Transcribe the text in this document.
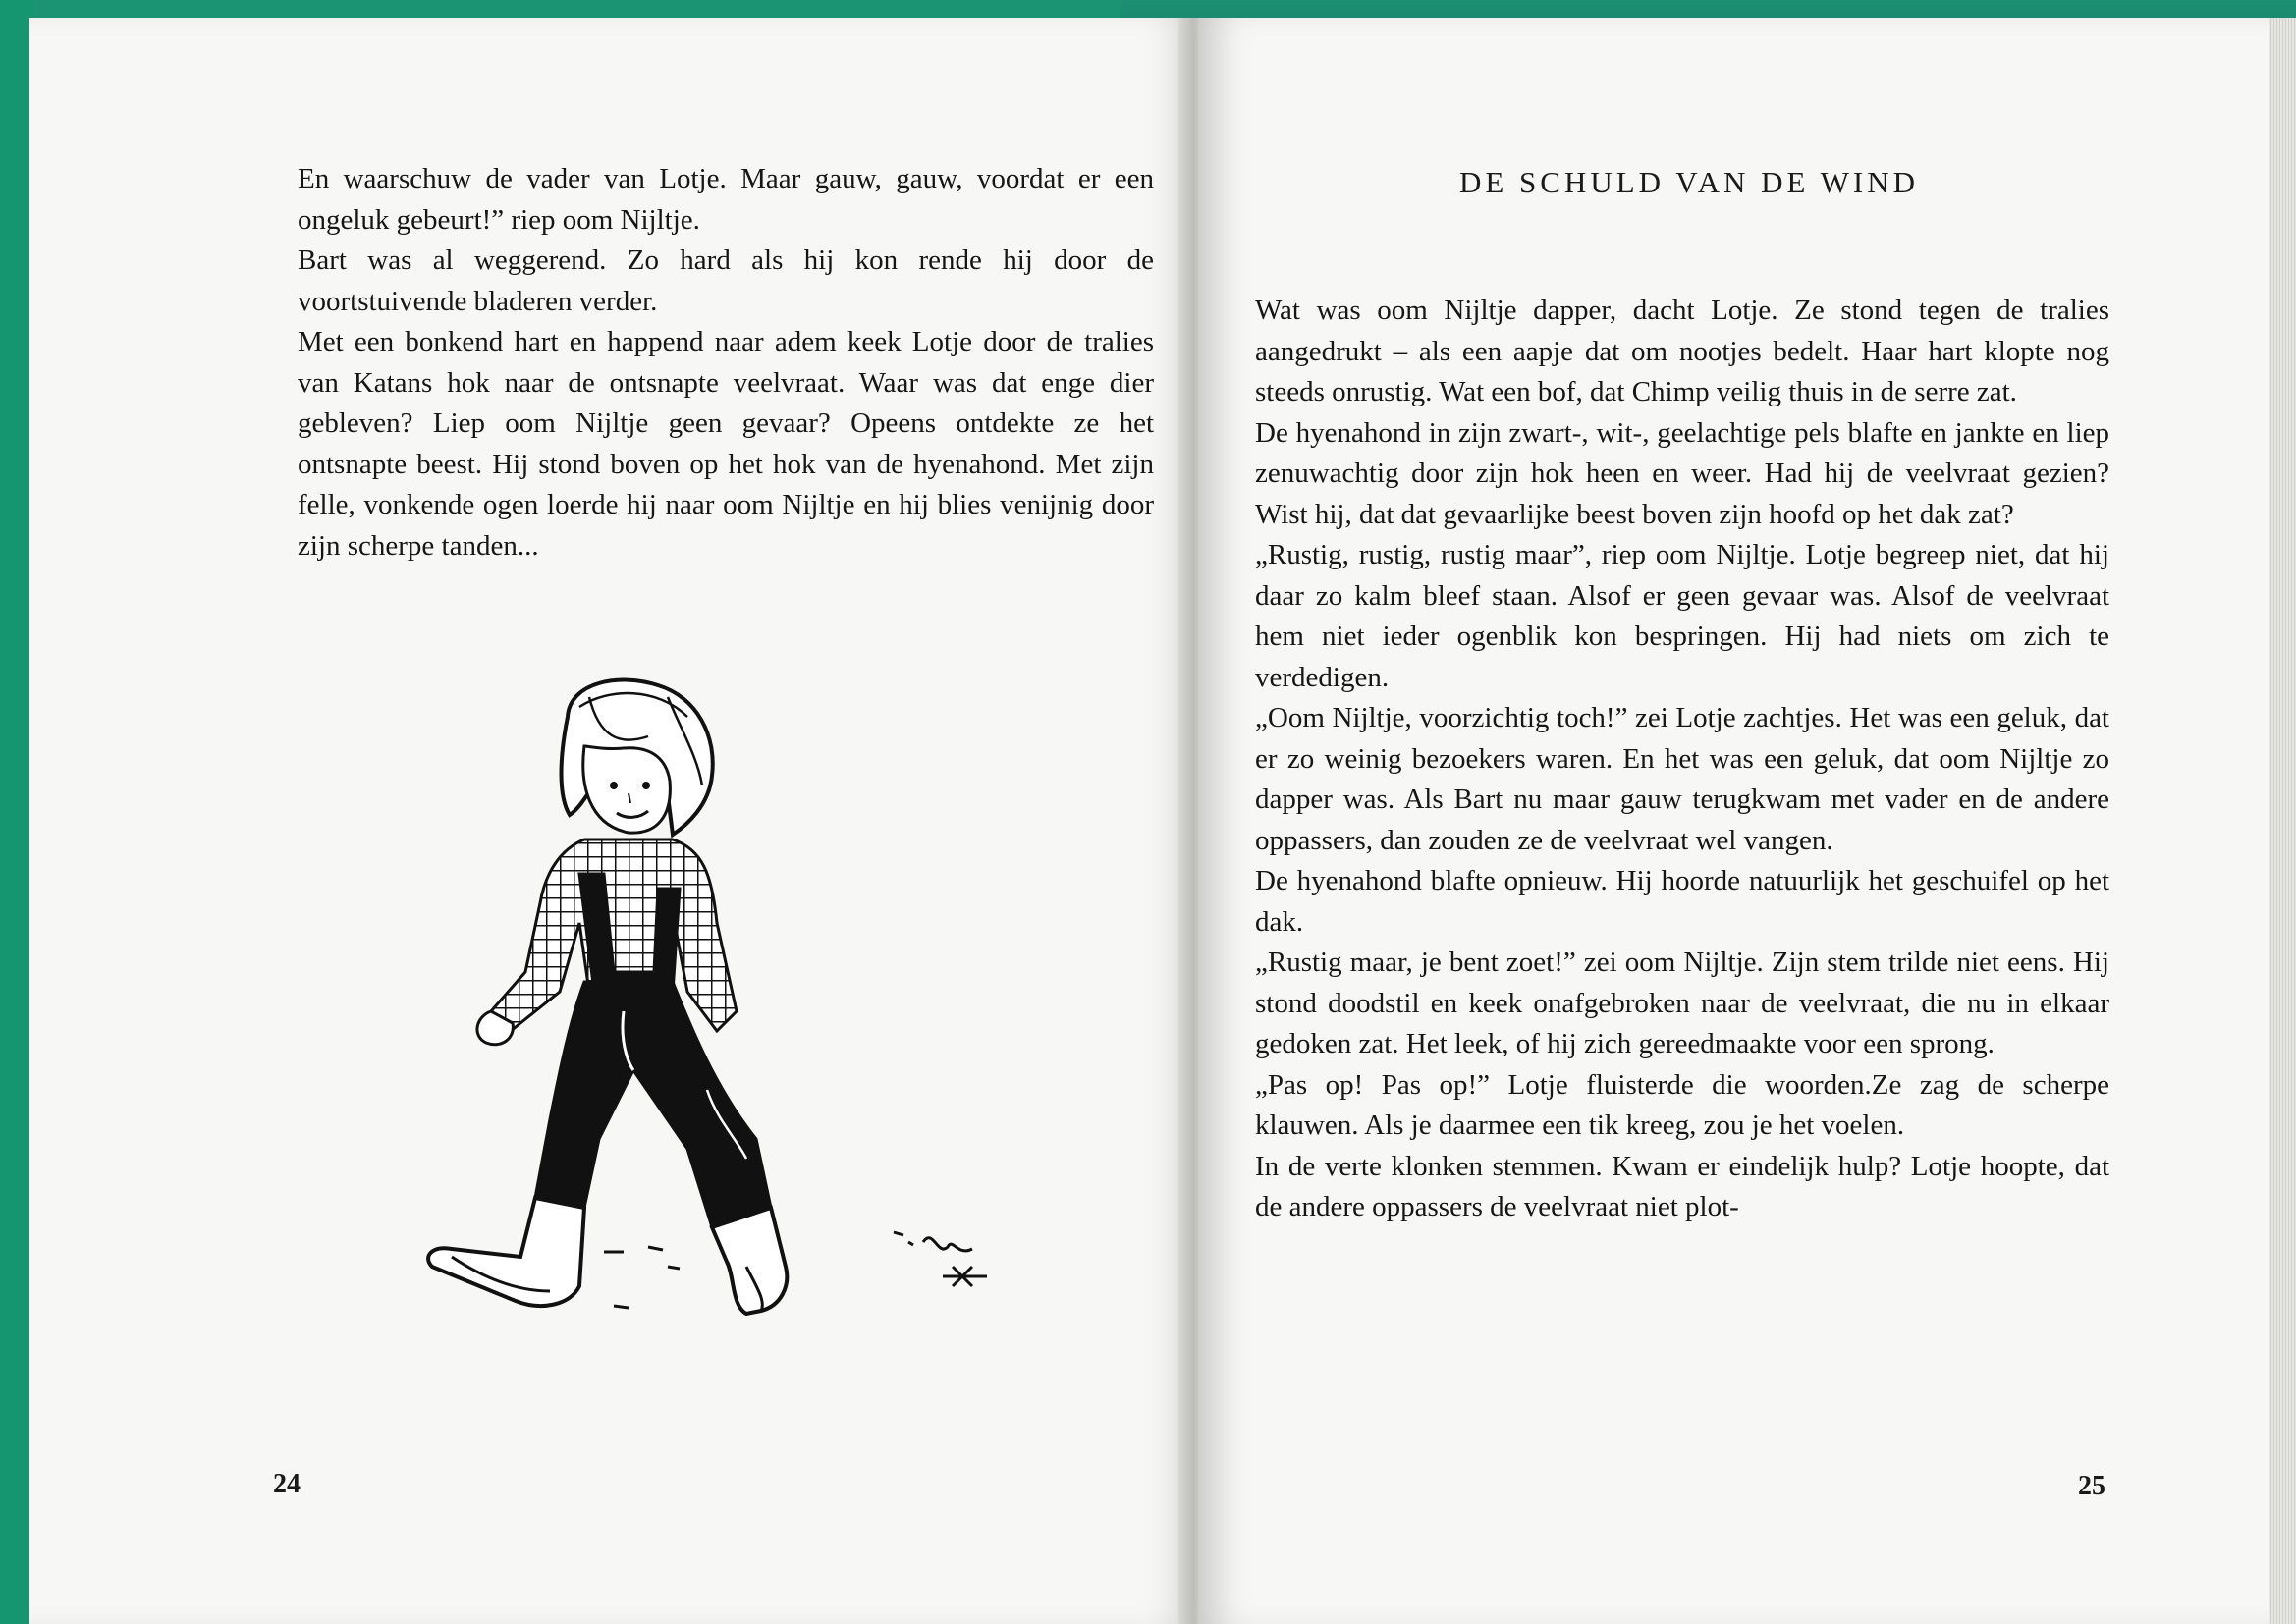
En waarschuw de vader van Lotje. Maar gauw, gauw, voordat er een ongeluk gebeurt!” riep oom Nijltje.

Bart was al weggerend. Zo hard als hij kon rende hij door de voortstuivende bladeren verder.

Met een bonkend hart en happend naar adem keek Lotje door de tralies van Katans hok naar de ontsnapte veelvraat. Waar was dat enge dier gebleven? Liep oom Nijltje geen gevaar? Opeens ontdekte ze het ontsnapte beest. Hij stond boven op het hok van de hyenahond. Met zijn felle, vonkende ogen loerde hij naar oom Nijltje en hij blies venijnig door zijn scherpe tanden...

24
DE SCHULD VAN DE WIND

Wat was oom Nijltje dapper, dacht Lotje. Ze stond tegen de tralies aangedrukt – als een aapje dat om nootjes bedelt. Haar hart klopte nog steeds onrustig. Wat een bof, dat Chimp veilig thuis in de serre zat.

De hyenahond in zijn zwart-, wit-, geelachtige pels blafte en jankte en liep zenuwachtig door zijn hok heen en weer. Had hij de veelvraat gezien? Wist hij, dat dat gevaarlijke beest boven zijn hoofd op het dak zat?

„Rustig, rustig, rustig maar”, riep oom Nijltje. Lotje begreep niet, dat hij daar zo kalm bleef staan. Alsof er geen gevaar was. Alsof de veelvraat hem niet ieder ogenblik kon bespringen. Hij had niets om zich te verdedigen.

„Oom Nijltje, voorzichtig toch!” zei Lotje zachtjes. Het was een geluk, dat er zo weinig bezoekers waren. En het was een geluk, dat oom Nijltje zo dapper was. Als Bart nu maar gauw terugkwam met vader en de andere oppassers, dan zouden ze de veelvraat wel vangen.

De hyenahond blafte opnieuw. Hij hoorde natuurlijk het geschuifel op het dak.

„Rustig maar, je bent zoet!” zei oom Nijltje. Zijn stem trilde niet eens. Hij stond doodstil en keek onafgebroken naar de veelvraat, die nu in elkaar gedoken zat. Het leek, of hij zich gereedmaakte voor een sprong.

„Pas op! Pas op!” Lotje fluisterde die woorden.Ze zag de scherpe klauwen. Als je daarmee een tik kreeg, zou je het voelen.

In de verte klonken stemmen. Kwam er eindelijk hulp? Lotje hoopte, dat de andere oppassers de veelvraat niet plot-

25
